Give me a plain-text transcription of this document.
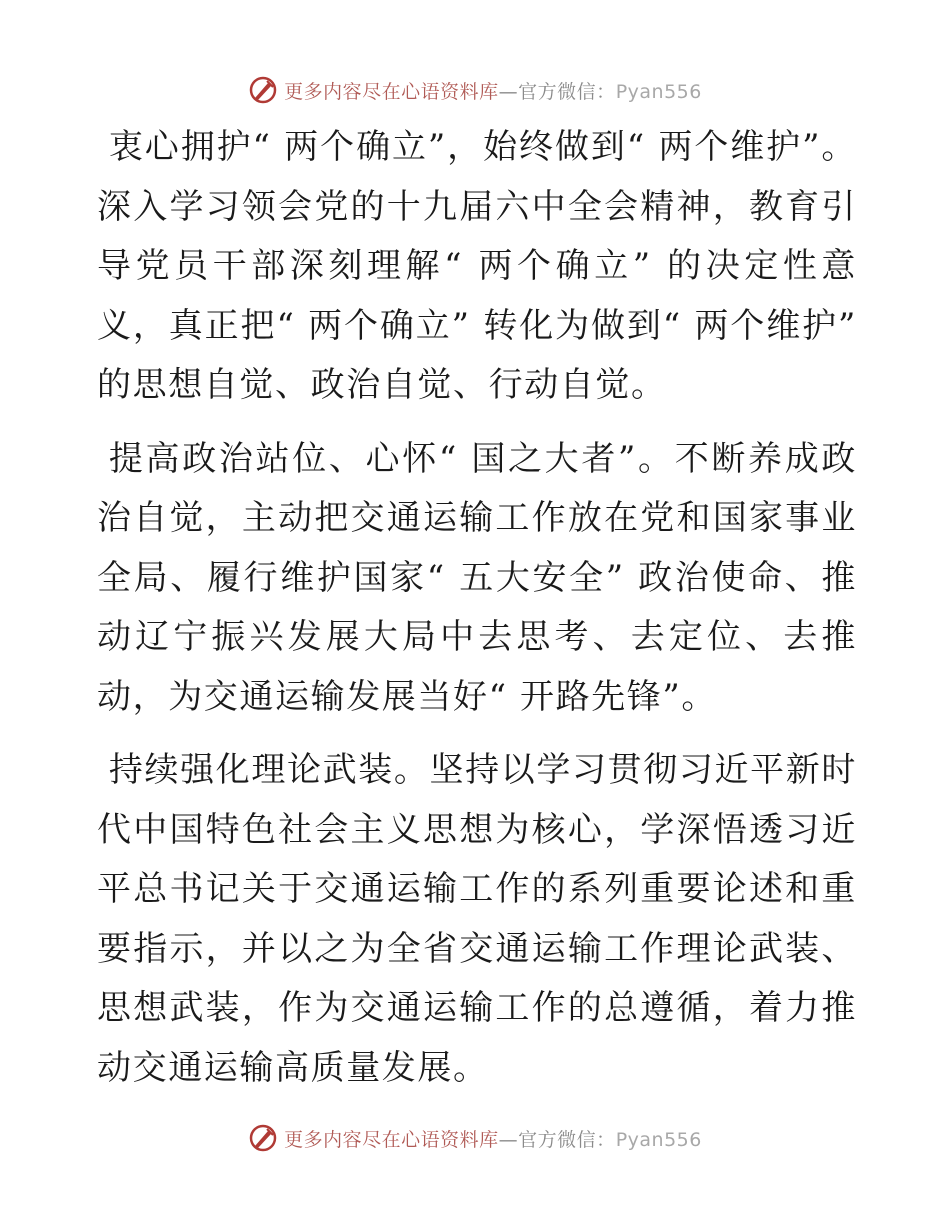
更多内容尽在心语资料库—官方微信：Pyan556

衷心拥护“ 两个确立”，始终做到“ 两个维护”。深入学习领会党的十九届六中全会精神，教育引导党员干部深刻理解“ 两个确立” 的决定性意义，真正把“ 两个确立” 转化为做到“ 两个维护” 的思想自觉、政治自觉、行动自觉。

提高政治站位、心怀“ 国之大者”。不断养成政治自觉，主动把交通运输工作放在党和国家事业全局、履行维护国家“ 五大安全” 政治使命、推动辽宁振兴发展大局中去思考、去定位、去推动，为交通运输发展当好“ 开路先锋”。

持续强化理论武装。坚持以学习贯彻习近平新时代中国特色社会主义思想为核心，学深悟透习近平总书记关于交通运输工作的系列重要论述和重要指示，并以之为全省交通运输工作理论武装、思想武装，作为交通运输工作的总遵循，着力推动交通运输高质量发展。

更多内容尽在心语资料库—官方微信：Pyan556
